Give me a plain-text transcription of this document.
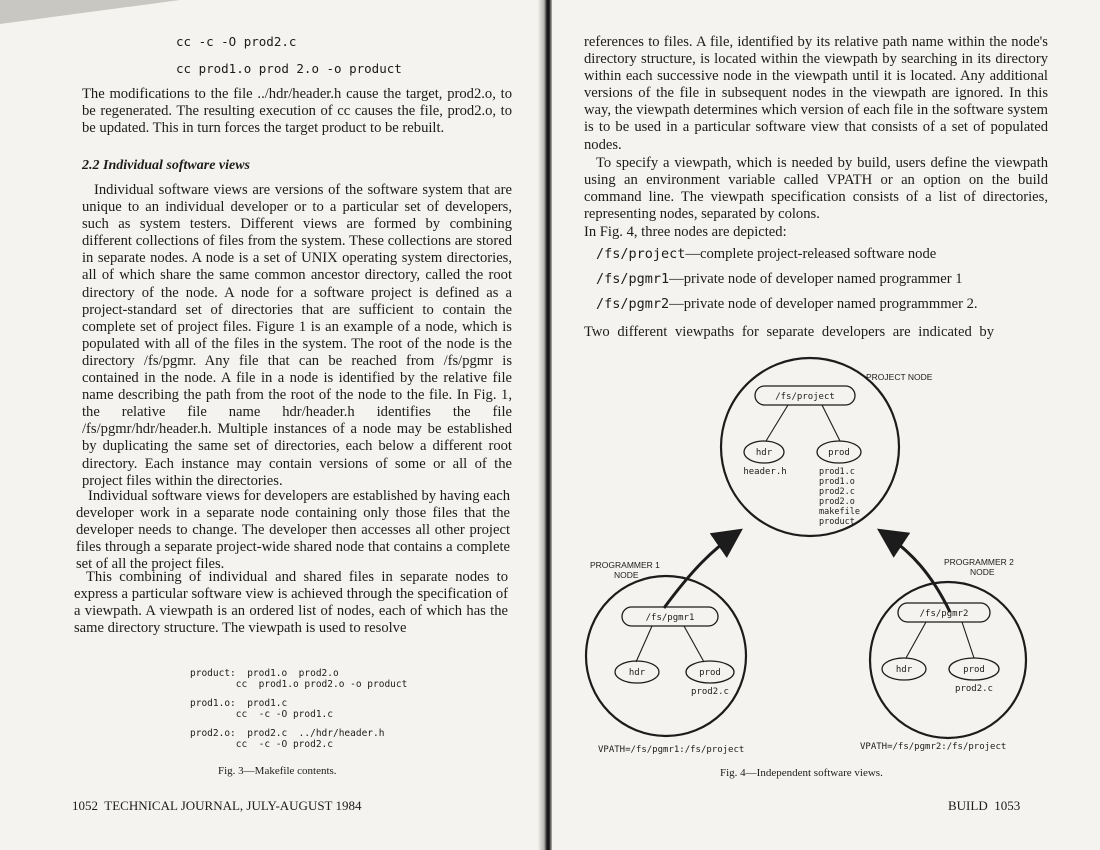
cc -c -O prod2.c

cc prod1.o prod 2.o -o product

The modifications to the file ../hdr/header.h cause the target, prod2.o, to be regenerated. The resulting execution of cc causes the file, prod2.o, to be updated. This in turn forces the target product to be rebuilt.

2.2 Individual software views

Individual software views are versions of the software system that are unique to an individual developer or to a particular set of developers, such as system testers. Different views are formed by combining different collections of files from the system. These collections are stored in separate nodes. A node is a set of UNIX operating system directories, all of which share the same common ancestor directory, called the root directory of the node. A node for a software project is defined as a project-standard set of directories that are sufficient to contain the complete set of project files. Figure 1 is an example of a node, which is populated with all of the files in the system. The root of the node is the directory /fs/pgmr. Any file that can be reached from /fs/pgmr is contained in the node. A file in a node is identified by the relative file name describing the path from the root of the node to the file. In Fig. 1, the relative file name hdr/header.h identifies the file /fs/pgmr/hdr/header.h. Multiple instances of a node may be established by duplicating the same set of directories, each below a different root directory. Each instance may contain versions of some or all of the project files within the directories.

Individual software views for developers are established by having each developer work in a separate node containing only those files that the developer needs to change. The developer then accesses all other project files through a separate project-wide shared node that contains a complete set of all the project files.

This combining of individual and shared files in separate nodes to express a particular software view is achieved through the specification of a viewpath. A viewpath is an ordered list of nodes, each of which has the same directory structure. The viewpath is used to resolve

product:  prod1.o  prod2.o
cc  prod1.o prod2.o -o product
prod1.o:  prod1.c
cc  -c -O prod1.c
prod2.o:  prod2.c  ../hdr/header.h
cc  -c -O prod2.c

Fig. 3—Makefile contents.

1052  TECHNICAL JOURNAL, JULY-AUGUST 1984

references to files. A file, identified by its relative path name within the node's directory structure, is located within the viewpath by searching in its directory within each successive node in the viewpath until it is located. Any additional versions of the file in subsequent nodes in the viewpath are ignored. In this way, the viewpath determines which version of each file in the software system is to be used in a particular software view that consists of a set of populated nodes.

To specify a viewpath, which is needed by build, users define the viewpath using an environment variable called VPATH or an option on the build command line. The viewpath specification consists of a list of directories, representing nodes, separated by colons.

In Fig. 4, three nodes are depicted:

/fs/project—complete project-released software node

/fs/pgmr1—private node of developer named programmer 1

/fs/pgmr2—private node of developer named programmmer 2.

Two different viewpaths for separate developers are indicated by

PROJECT NODE
/fs/project
hdr	prod
header.h	prod1.c
prod1.o
prod2.c
prod2.o
makefile
product
PROGRAMMER 1
NODE
/fs/pgmr1
hdr	prod
prod2.c
VPATH=/fs/pgmr1:/fs/project
PROGRAMMER 2
NODE
/fs/pgmr2
hdr	prod
prod2.c
VPATH=/fs/pgmr2:/fs/project

Fig. 4—Independent software views.

BUILD  1053
